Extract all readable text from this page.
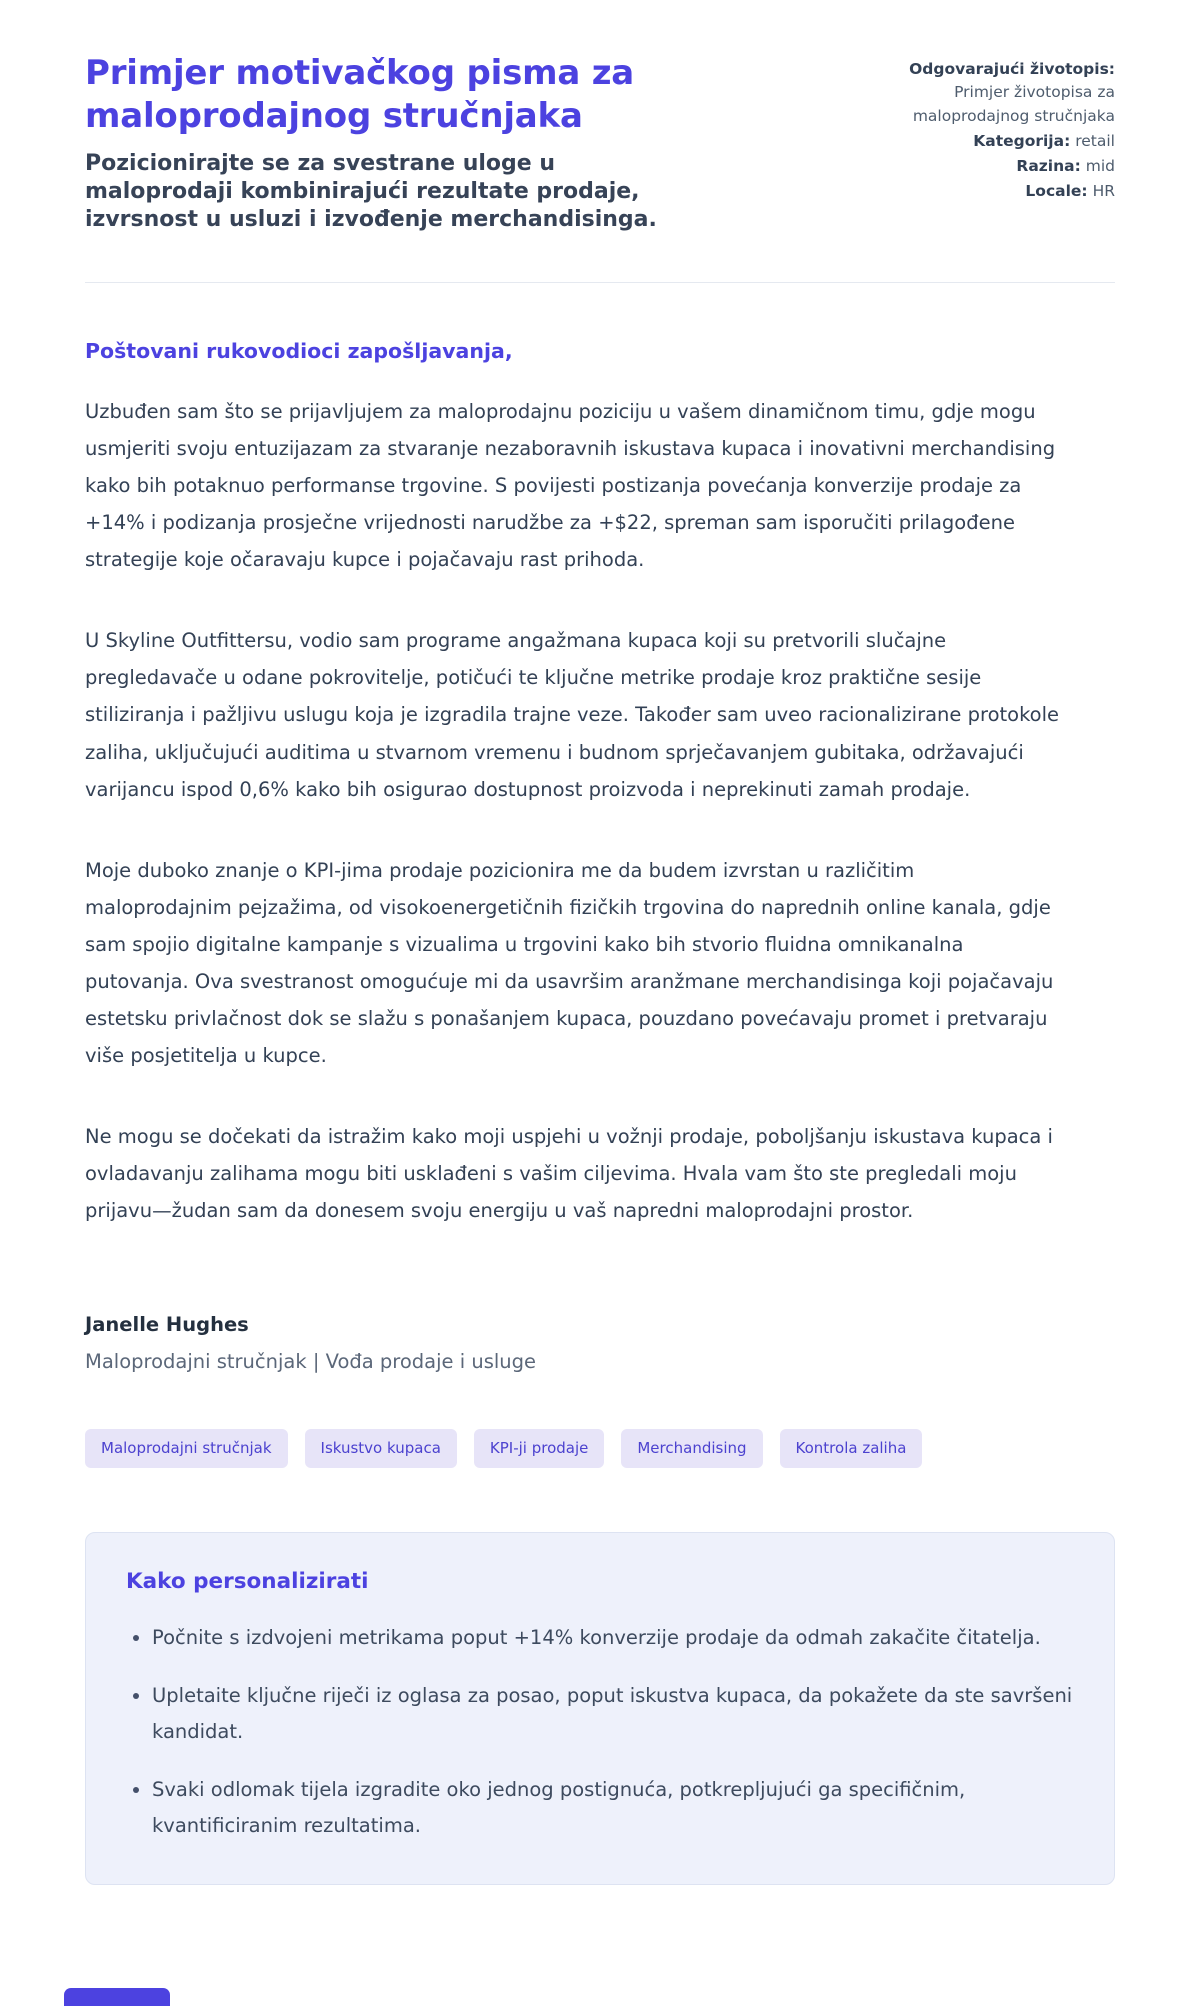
Primjer motivačkog pisma za maloprodajnog stručnjaka

Pozicionirajte se za svestrane uloge u maloprodaji kombinirajući rezultate prodaje, izvrsnost u usluzi i izvođenje merchandisinga.

Odgovarajući životopis:
Primjer životopisa za maloprodajnog stručnjaka
Kategorija: retail
Razina: mid
Locale: HR

Poštovani rukovodioci zapošljavanja,

Uzbuđen sam što se prijavljujem za maloprodajnu poziciju u vašem dinamičnom timu, gdje mogu usmjeriti svoju entuzijazam za stvaranje nezaboravnih iskustava kupaca i inovativni merchandising kako bih potaknuo performanse trgovine. S povijesti postizanja povećanja konverzije prodaje za +14% i podizanja prosječne vrijednosti narudžbe za +$22, spreman sam isporučiti prilagođene strategije koje očaravaju kupce i pojačavaju rast prihoda.

U Skyline Outfittersu, vodio sam programe angažmana kupaca koji su pretvorili slučajne pregledavače u odane pokrovitelje, potičući te ključne metrike prodaje kroz praktične sesije stiliziranja i pažljivu uslugu koja je izgradila trajne veze. Također sam uveo racionalizirane protokole zaliha, uključujući auditima u stvarnom vremenu i budnom sprječavanjem gubitaka, održavajući varijancu ispod 0,6% kako bih osigurao dostupnost proizvoda i neprekinuti zamah prodaje.

Moje duboko znanje o KPI-jima prodaje pozicionira me da budem izvrstan u različitim maloprodajnim pejzažima, od visokoenergetičnih fizičkih trgovina do naprednih online kanala, gdje sam spojio digitalne kampanje s vizualima u trgovini kako bih stvorio fluidna omnikanalna putovanja. Ova svestranost omogućuje mi da usavršim aranžmane merchandisinga koji pojačavaju estetsku privlačnost dok se slažu s ponašanjem kupaca, pouzdano povećavaju promet i pretvaraju više posjetitelja u kupce.

Ne mogu se dočekati da istražim kako moji uspjehi u vožnji prodaje, poboljšanju iskustava kupaca i ovladavanju zalihama mogu biti usklađeni s vašim ciljevima. Hvala vam što ste pregledali moju prijavu—žudan sam da donesem svoju energiju u vaš napredni maloprodajni prostor.

Janelle Hughes

Maloprodajni stručnjak | Vođa prodaje i usluge

Maloprodajni stručnjak	Iskustvo kupaca	KPI-ji prodaje	Merchandising	Kontrola zaliha
Kako personalizirati
• Počnite s izdvojeni metrikama poput +14% konverzije prodaje da odmah zakačite čitatelja.
• Upletaite ključne riječi iz oglasa za posao, poput iskustva kupaca, da pokažete da ste savršeni kandidat.
• Svaki odlomak tijela izgradite oko jednog postignuća, potkrepljujući ga specifičnim, kvantificiranim rezultatima.
